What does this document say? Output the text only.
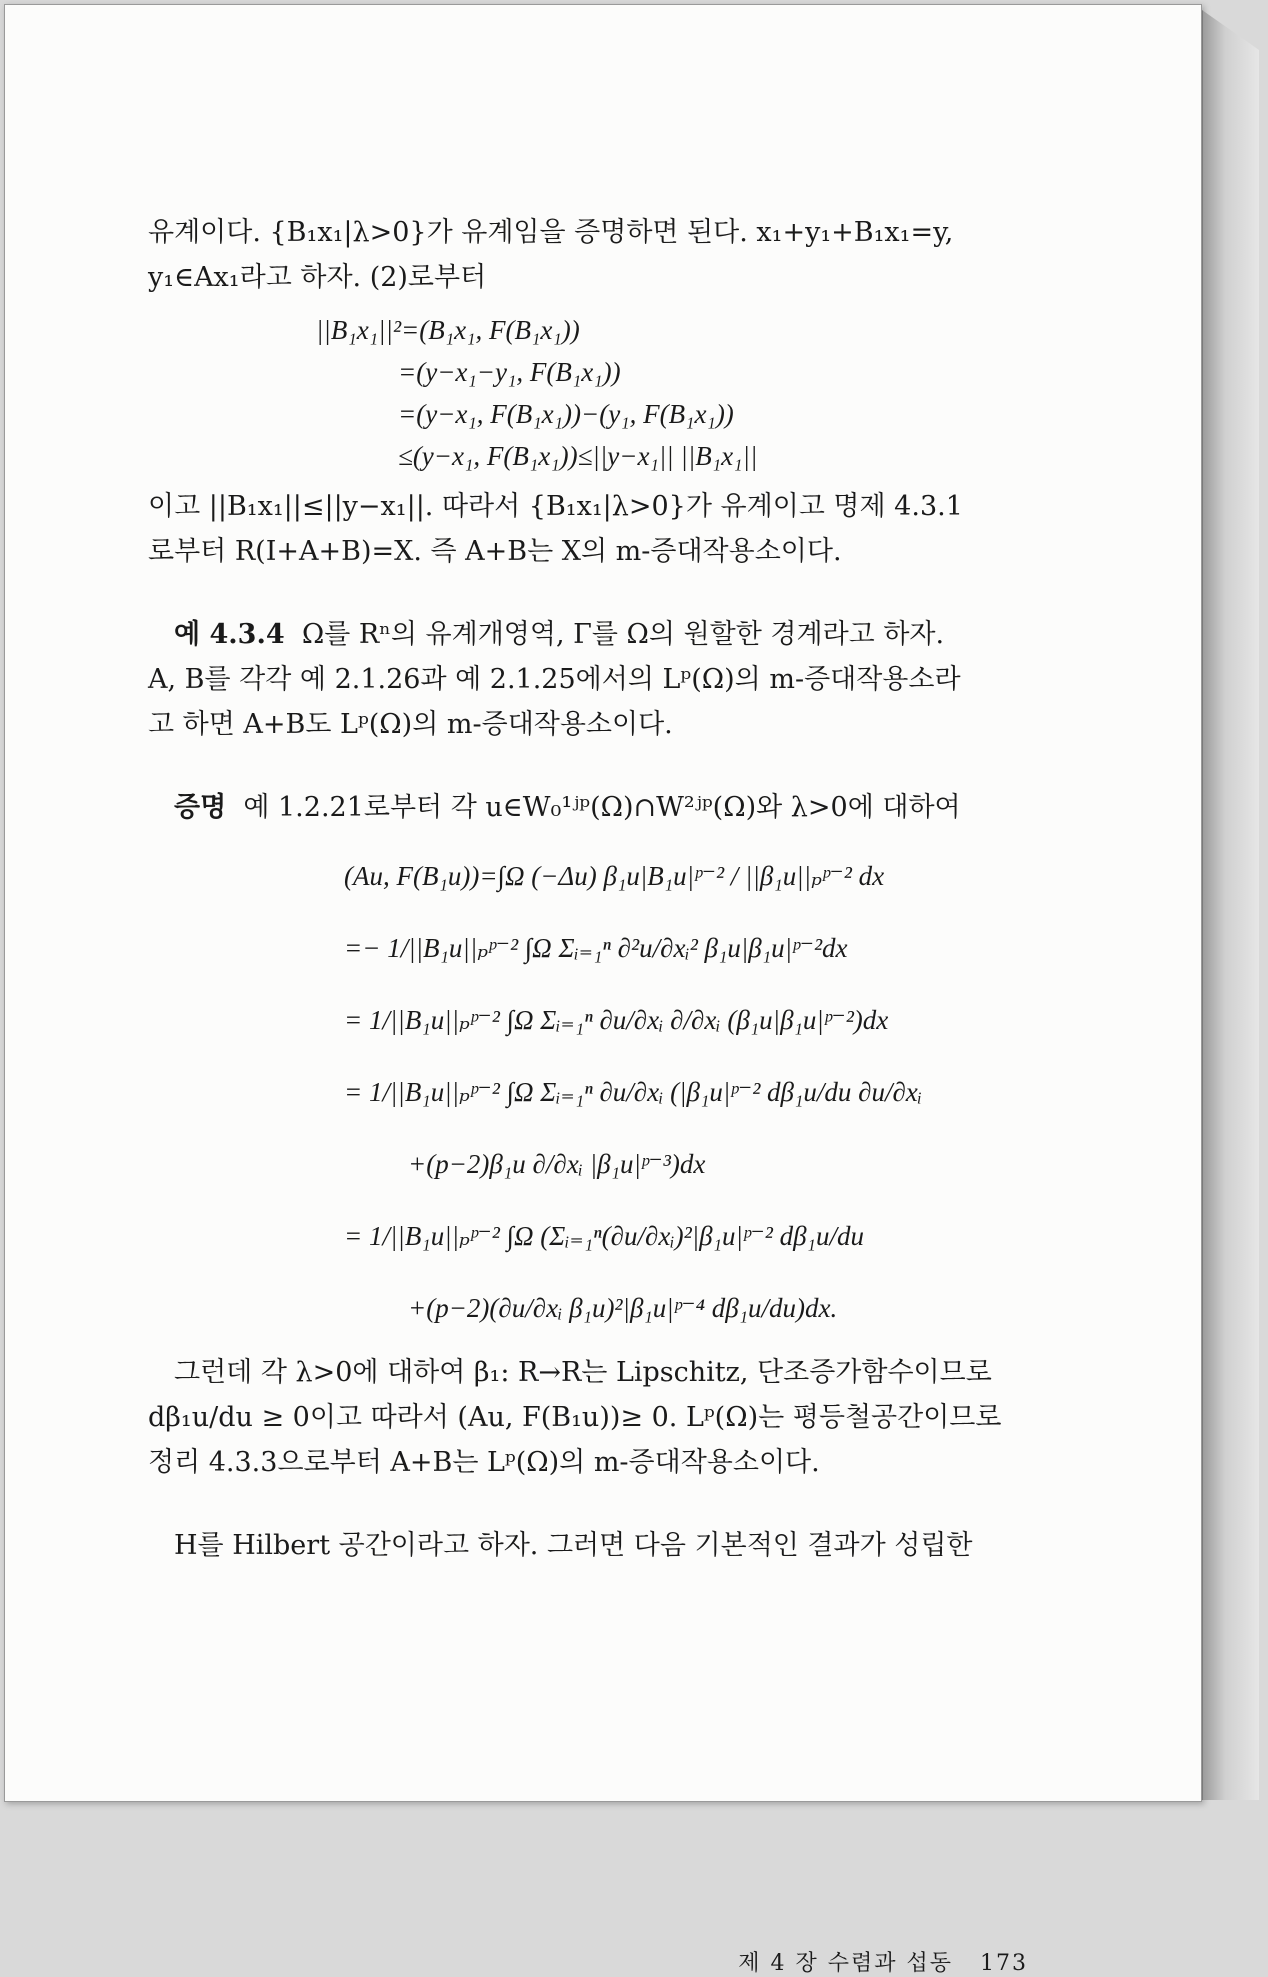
유계이다. {B₁x₁|λ>0}가 유계임을 증명하면 된다. x₁+y₁+B₁x₁=y,
y₁∈Ax₁라고 하자. (2)로부터

||B₁x₁||²=(B₁x₁, F(B₁x₁))
=(y−x₁−y₁, F(B₁x₁))
=(y−x₁, F(B₁x₁))−(y₁, F(B₁x₁))
≤(y−x₁, F(B₁x₁))≤||y−x₁|| ||B₁x₁||

이고 ||B₁x₁||≤||y−x₁||. 따라서 {B₁x₁|λ>0}가 유계이고 명제 4.3.1
로부터 R(I+A+B)=X. 즉 A+B는 X의 m-증대작용소이다.

예 4.3.4 Ω를 Rⁿ의 유계개영역, Γ를 Ω의 원할한 경계라고 하자.
A, B를 각각 예 2.1.26과 예 2.1.25에서의 Lᵖ(Ω)의 m-증대작용소라
고 하면 A+B도 Lᵖ(Ω)의 m-증대작용소이다.

증명 예 1.2.21로부터 각 u∈W₀¹ʲᵖ(Ω)∩W²ʲᵖ(Ω)와 λ>0에 대하여

(Au, F(B₁u))=∫Ω (−Δu) β₁u|B₁u|ᵖ⁻² / ||β₁u||ₚᵖ⁻² dx
=− 1/||B₁u||ₚᵖ⁻² ∫Ω Σᵢ₌₁ⁿ ∂²u/∂xᵢ² β₁u|β₁u|ᵖ⁻²dx
= 1/||B₁u||ₚᵖ⁻² ∫Ω Σᵢ₌₁ⁿ ∂u/∂xᵢ ∂/∂xᵢ (β₁u|β₁u|ᵖ⁻²)dx
= 1/||B₁u||ₚᵖ⁻² ∫Ω Σᵢ₌₁ⁿ ∂u/∂xᵢ (|β₁u|ᵖ⁻² dβ₁u/du ∂u/∂xᵢ
+(p−2)β₁u ∂/∂xᵢ |β₁u|ᵖ⁻³)dx
= 1/||B₁u||ₚᵖ⁻² ∫Ω (Σᵢ₌₁ⁿ(∂u/∂xᵢ)²|β₁u|ᵖ⁻² dβ₁u/du
+(p−2)(∂u/∂xᵢ β₁u)²|β₁u|ᵖ⁻⁴ dβ₁u/du)dx.

그런데 각 λ>0에 대하여 β₁: R→R는 Lipschitz, 단조증가함수이므로
dβ₁u/du ≥ 0이고 따라서 (Au, F(B₁u))≥ 0. Lᵖ(Ω)는 평등철공간이므로
정리 4.3.3으로부터 A+B는 Lᵖ(Ω)의 m-증대작용소이다.

H를 Hilbert 공간이라고 하자. 그러면 다음 기본적인 결과가 성립한

제 4 장 수렴과 섭동 173
